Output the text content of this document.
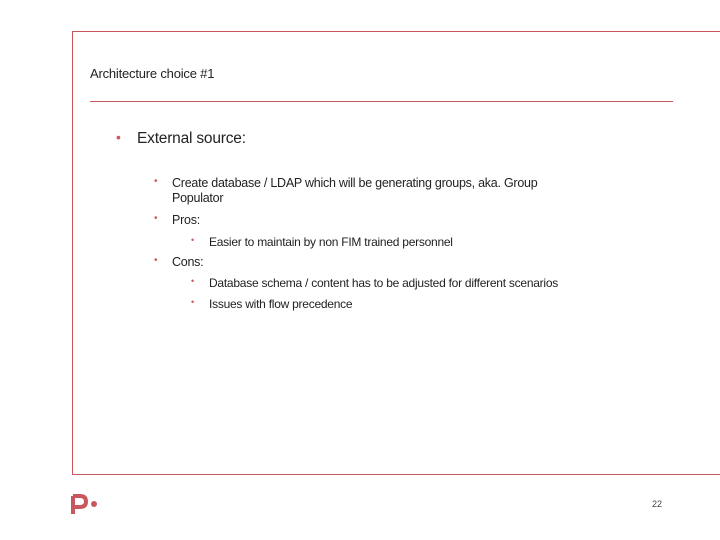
Architecture choice #1
• External source:
• Create database / LDAP which will be generating groups, aka. Group
Populator
• Pros:
• Easier to maintain by non FIM trained personnel
• Cons:
• Database schema / content has to be adjusted for different scenarios
• Issues with flow precedence
22
